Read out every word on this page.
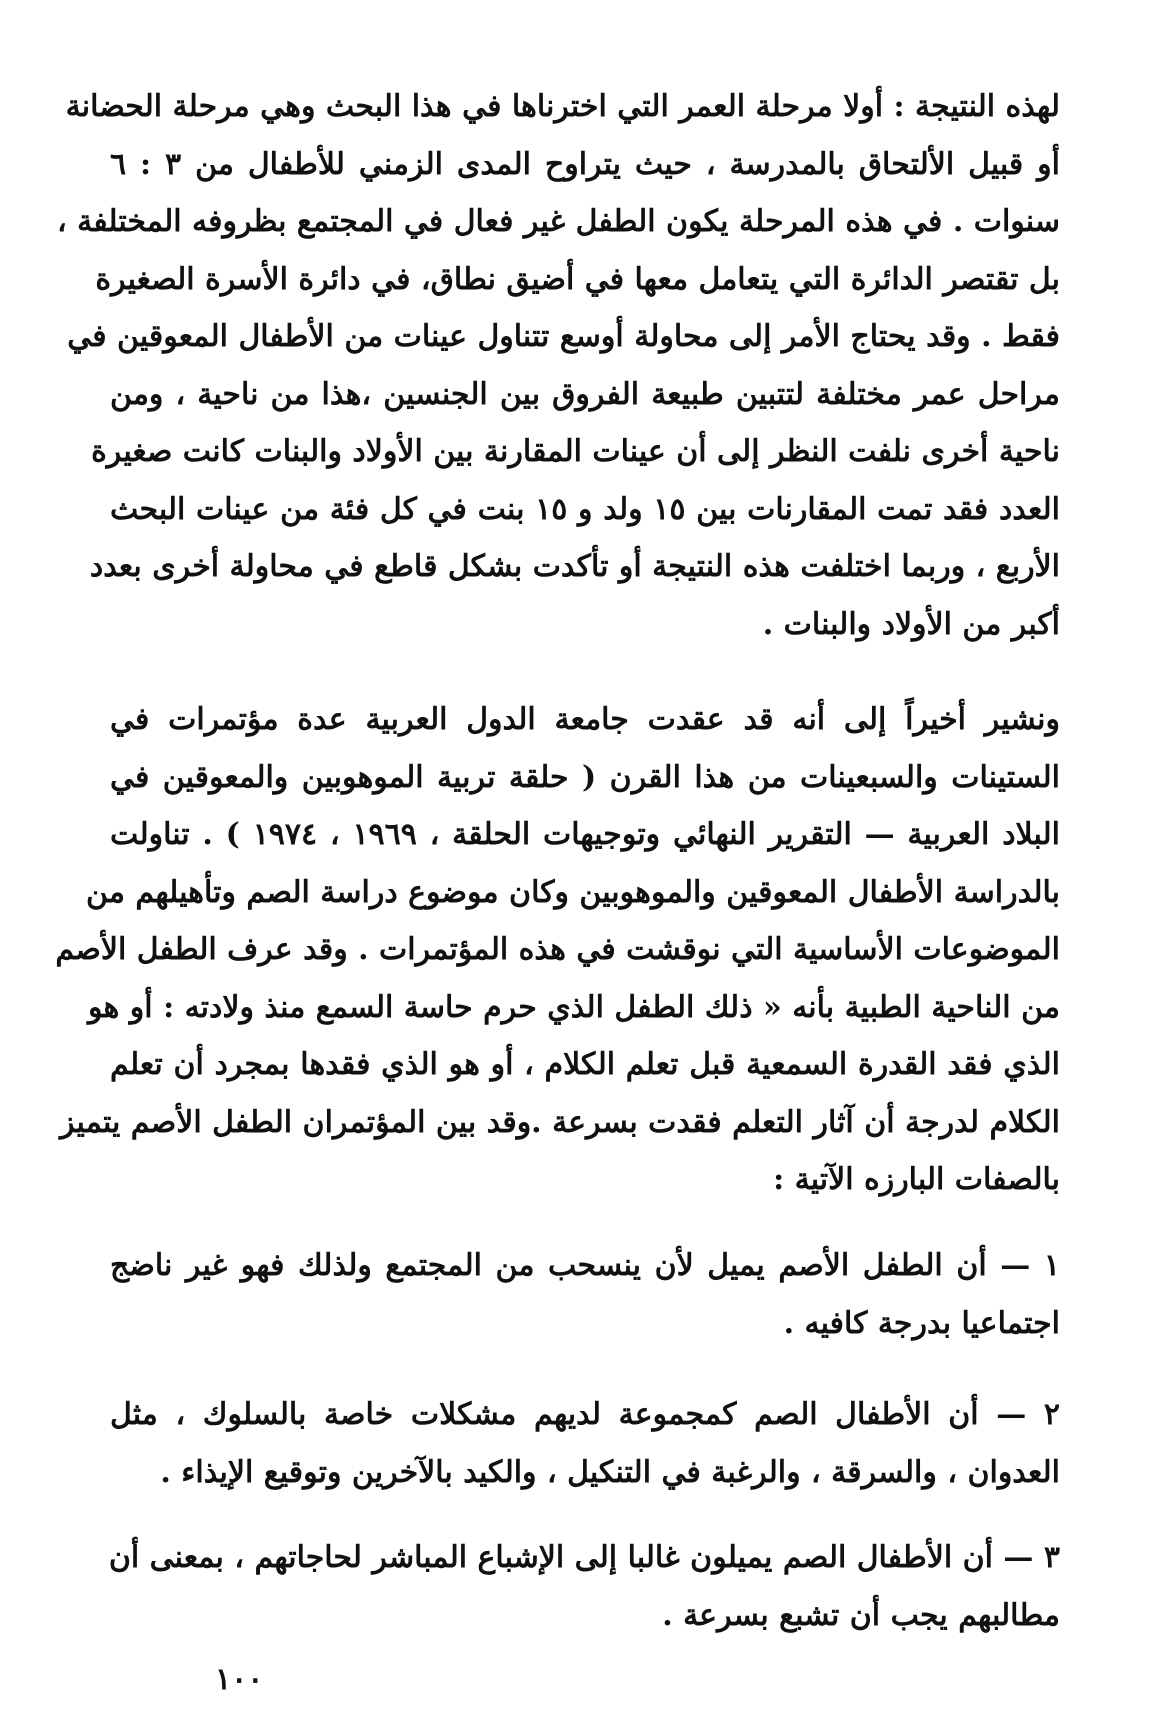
لهذه النتيجة : أولا مرحلة العمر التي اخترناها في هذا البحث وهي مرحلة الحضانة
أو قبيل الألتحاق بالمدرسة ، حيث يتراوح المدى الزمني للأطفال من ٣ : ٦
سنوات . في هذه المرحلة يكون الطفل غير فعال في المجتمع بظروفه المختلفة ،
بل تقتصر الدائرة التي يتعامل معها في أضيق نطاق، في دائرة الأسرة الصغيرة
فقط . وقد يحتاج الأمر إلى محاولة أوسع تتناول عينات من الأطفال المعوقين في
مراحل عمر مختلفة لتتبين طبيعة الفروق بين الجنسين ،هذا من ناحية ، ومن
ناحية أخرى نلفت النظر إلى أن عينات المقارنة بين الأولاد والبنات كانت صغيرة
العدد فقد تمت المقارنات بين ١٥ ولد و ١٥ بنت في كل فئة من عينات البحث
الأربع ، وربما اختلفت هذه النتيجة أو تأكدت بشكل قاطع في محاولة أخرى بعدد
أكبر من الأولاد والبنات .
ونشير أخيراً إلى أنه قد عقدت جامعة الدول العربية عدة مؤتمرات في
الستينات والسبعينات من هذا القرن ( حلقة تربية الموهوبين والمعوقين في
البلاد العربية — التقرير النهائي وتوجيهات الحلقة ، ١٩٦٩ ، ١٩٧٤ ) . تناولت
بالدراسة الأطفال المعوقين والموهوبين وكان موضوع دراسة الصم وتأهيلهم من
الموضوعات الأساسية التي نوقشت في هذه المؤتمرات . وقد عرف الطفل الأصم
من الناحية الطبية بأنه « ذلك الطفل الذي حرم حاسة السمع منذ ولادته : أو هو
الذي فقد القدرة السمعية قبل تعلم الكلام ، أو هو الذي فقدها بمجرد أن تعلم
الكلام لدرجة أن آثار التعلم فقدت بسرعة .وقد بين المؤتمران الطفل الأصم يتميز
بالصفات البارزه الآتية :
١ — أن الطفل الأصم يميل لأن ينسحب من المجتمع ولذلك فهو غير ناضج
اجتماعيا بدرجة كافيه .
٢ — أن الأطفال الصم كمجموعة لديهم مشكلات خاصة بالسلوك ، مثل
العدوان ، والسرقة ، والرغبة في التنكيل ، والكيد بالآخرين وتوقيع الإيذاء .
٣ — أن الأطفال الصم يميلون غالبا إلى الإشباع المباشر لحاجاتهم ، بمعنى أن
مطالبهم يجب أن تشبع بسرعة .
١٠٠
